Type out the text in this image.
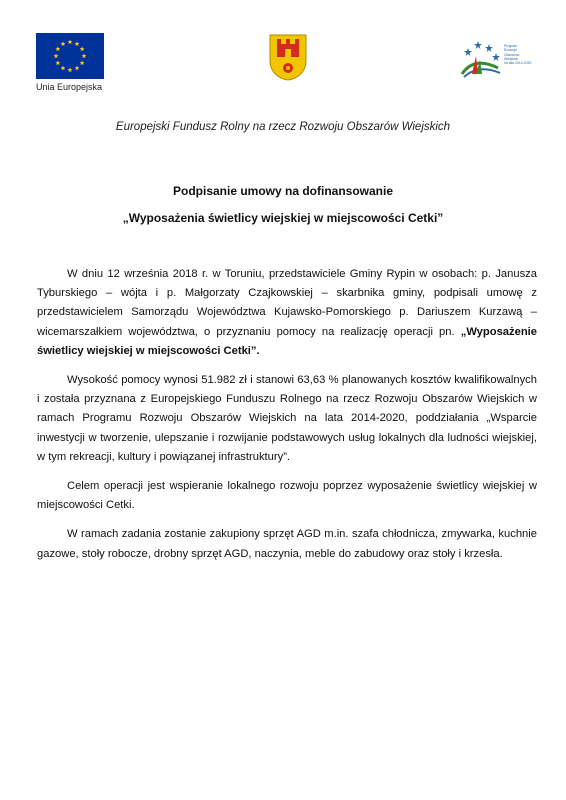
Unia Europejska
Program
Rozwoju
Obszarów
Wiejskich
na lata 2014-2020
Europejski Fundusz Rolny na rzecz Rozwoju Obszarów Wiejskich
Podpisanie umowy na dofinansowanie
„Wyposażenia świetlicy wiejskiej w miejscowości Cetki”

W dniu 12 września 2018 r. w Toruniu, przedstawiciele Gminy Rypin w osobach: p. Janusza Tyburskiego – wójta i p. Małgorzaty Czajkowskiej – skarbnika gminy, podpisali umowę z przedstawicielem Samorządu Województwa Kujawsko-Pomorskiego p. Dariuszem Kurzawą – wicemarszałkiem województwa, o przyznaniu pomocy na realizację operacji pn. „Wyposażenie świetlicy wiejskiej w miejscowości Cetki”.

Wysokość pomocy wynosi 51.982 zł i stanowi 63,63 % planowanych kosztów kwalifikowalnych i została przyznana z Europejskiego Funduszu Rolnego na rzecz Rozwoju Obszarów Wiejskich w ramach Programu Rozwoju Obszarów Wiejskich na lata 2014-2020, poddziałania „Wsparcie inwestycji w tworzenie, ulepszanie i rozwijanie podstawowych usług lokalnych dla ludności wiejskiej, w tym rekreacji, kultury i powiązanej infrastruktury”.

Celem operacji jest wspieranie lokalnego rozwoju poprzez wyposażenie świetlicy wiejskiej w miejscowości Cetki.

W ramach zadania zostanie zakupiony sprzęt AGD m.in. szafa chłodnicza, zmywarka, kuchnie gazowe, stoły robocze, drobny sprzęt AGD, naczynia, meble do zabudowy oraz stoły i krzesła.
